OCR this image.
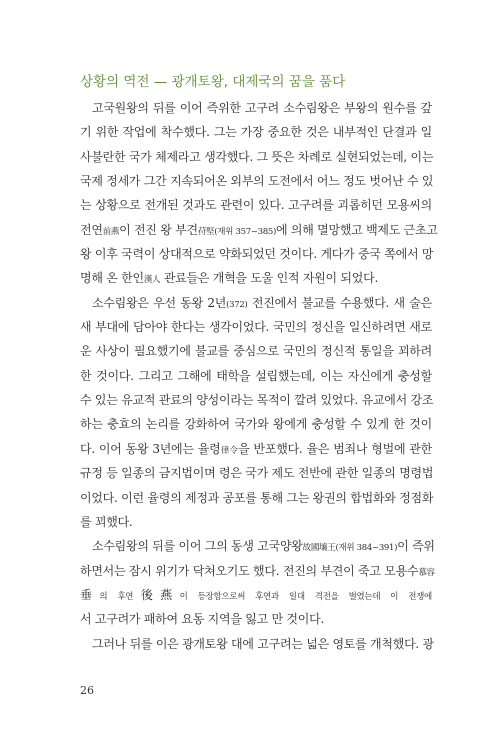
상황의 역전 — 광개토왕, 대제국의 꿈을 품다
고국원왕의 뒤를 이어 즉위한 고구려 소수림왕은 부왕의 원수를 갚
기 위한 작업에 착수했다. 그는 가장 중요한 것은 내부적인 단결과 일
사불란한 국가 체제라고 생각했다. 그 뜻은 차례로 실현되었는데, 이는
국제 정세가 그간 지속되어온 외부의 도전에서 어느 정도 벗어난 수 있
는 상황으로 전개된 것과도 관련이 있다. 고구려를 괴롭히던 모용씨의
전연前燕이 전진 왕 부견苻堅(재위 357~385)에 의해 멸망했고 백제도 근초고
왕 이후 국력이 상대적으로 약화되었던 것이다. 게다가 중국 쪽에서 망
명해 온 한인漢人 관료들은 개혁을 도울 인적 자원이 되었다.
소수림왕은 우선 동왕 2년(372) 전진에서 불교를 수용했다. 새 술은
새 부대에 담아야 한다는 생각이었다. 국민의 정신을 일신하려면 새로
운 사상이 필요했기에 불교를 중심으로 국민의 정신적 통일을 꾀하려
한 것이다. 그리고 그해에 태학을 설립했는데, 이는 자신에게 충성할
수 있는 유교적 관료의 양성이라는 목적이 깔려 있었다. 유교에서 강조
하는 충효의 논리를 강화하여 국가와 왕에게 충성할 수 있게 한 것이
다. 이어 동왕 3년에는 율령律令을 반포했다. 율은 범죄나 형벌에 관한
규정 등 일종의 금지법이며 령은 국가 제도 전반에 관한 일종의 명령법
이었다. 이런 율령의 제정과 공포를 통해 그는 왕권의 합법화와 정점화
를 꾀했다.
소수림왕의 뒤를 이어 그의 동생 고국양왕故國壤王(재위 384~391)이 즉위
하면서는 잠시 위기가 닥쳐오기도 했다. 전진의 부견이 죽고 모용수慕容
垂의 후연後燕이 등장함으로써 후연과 일대 격전을 벌였는데 이 전쟁에
서 고구려가 패하여 요동 지역을 잃고 만 것이다.
그러나 뒤를 이은 광개토왕 대에 고구려는 넓은 영토를 개척했다. 광
26
